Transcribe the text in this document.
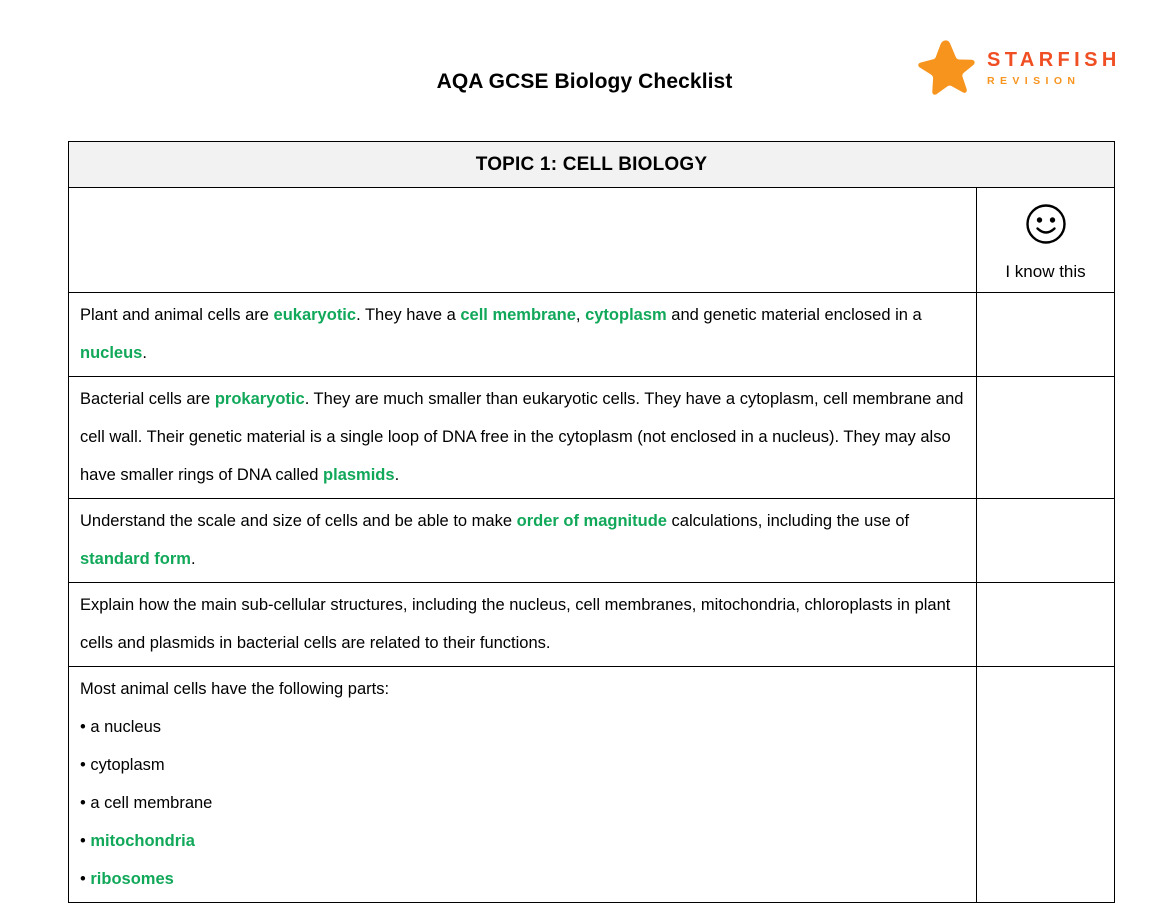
AQA GCSE Biology Checklist
STARFISH
REVISION
TOPIC 1: CELL BIOLOGY	

	I know this

Plant and animal cells are eukaryotic. They have a cell membrane, cytoplasm and genetic material enclosed in a nucleus.	
Bacterial cells are prokaryotic. They are much smaller than eukaryotic cells. They have a cytoplasm, cell membrane and cell wall. Their genetic material is a single loop of DNA free in the cytoplasm (not enclosed in a nucleus). They may also have smaller rings of DNA called plasmids.	
Understand the scale and size of cells and be able to make order of magnitude calculations, including the use of standard form.	
Explain how the main sub-cellular structures, including the nucleus, cell membranes, mitochondria, chloroplasts in plant cells and plasmids in bacterial cells are related to their functions.	

Most animal cells have the following parts:
• a nucleus
• cytoplasm
• a cell membrane
• mitochondria
• ribosomes
